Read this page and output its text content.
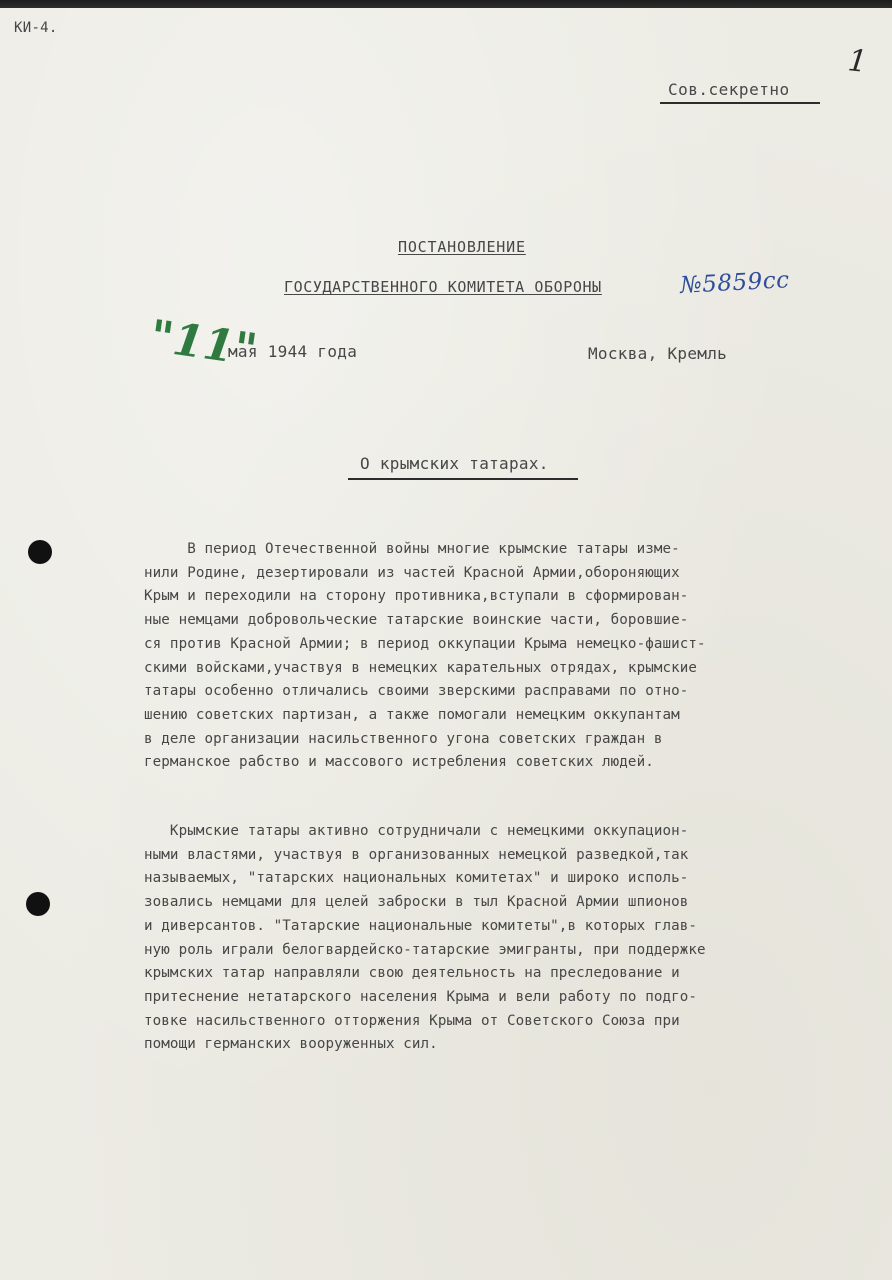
КИ-4.
1
Сов.секретно
ПОСТАНОВЛЕНИЕ
ГОСУДАРСТВЕННОГО КОМИТЕТА ОБОРОНЫ	№5859сс
"11"
мая 1944 года	Москва, Кремль
О крымских татарах.
В период Отечественной войны многие крымские татары изме-
нили Родине, дезертировали из частей Красной Армии,обороняющих
Крым и переходили на сторону противника,вступали в сформирован-
ные немцами добровольческие татарские воинские части, боровшие-
ся против Красной Армии; в период оккупации Крыма немецко-фашист-
скими войсками,участвуя в немецких карательных отрядах, крымские
татары особенно отличались своими зверскими расправами по отно-
шению советских партизан, а также помогали немецким оккупантам
в деле организации насильственного угона советских граждан в
германское рабство и массового истребления советских людей.
Крымские татары активно сотрудничали с немецкими оккупацион-
ными властями, участвуя в организованных немецкой разведкой,так
называемых, "татарских национальных комитетах" и широко исполь-
зовались немцами для целей заброски в тыл Красной Армии шпионов
и диверсантов. "Татарские национальные комитеты",в которых глав-
ную роль играли белогвардейско-татарские эмигранты, при поддержке
крымских татар направляли свою деятельность на преследование и
притеснение нетатарского населения Крыма и вели работу по подго-
товке насильственного отторжения Крыма от Советского Союза при
помощи германских вооруженных сил.
